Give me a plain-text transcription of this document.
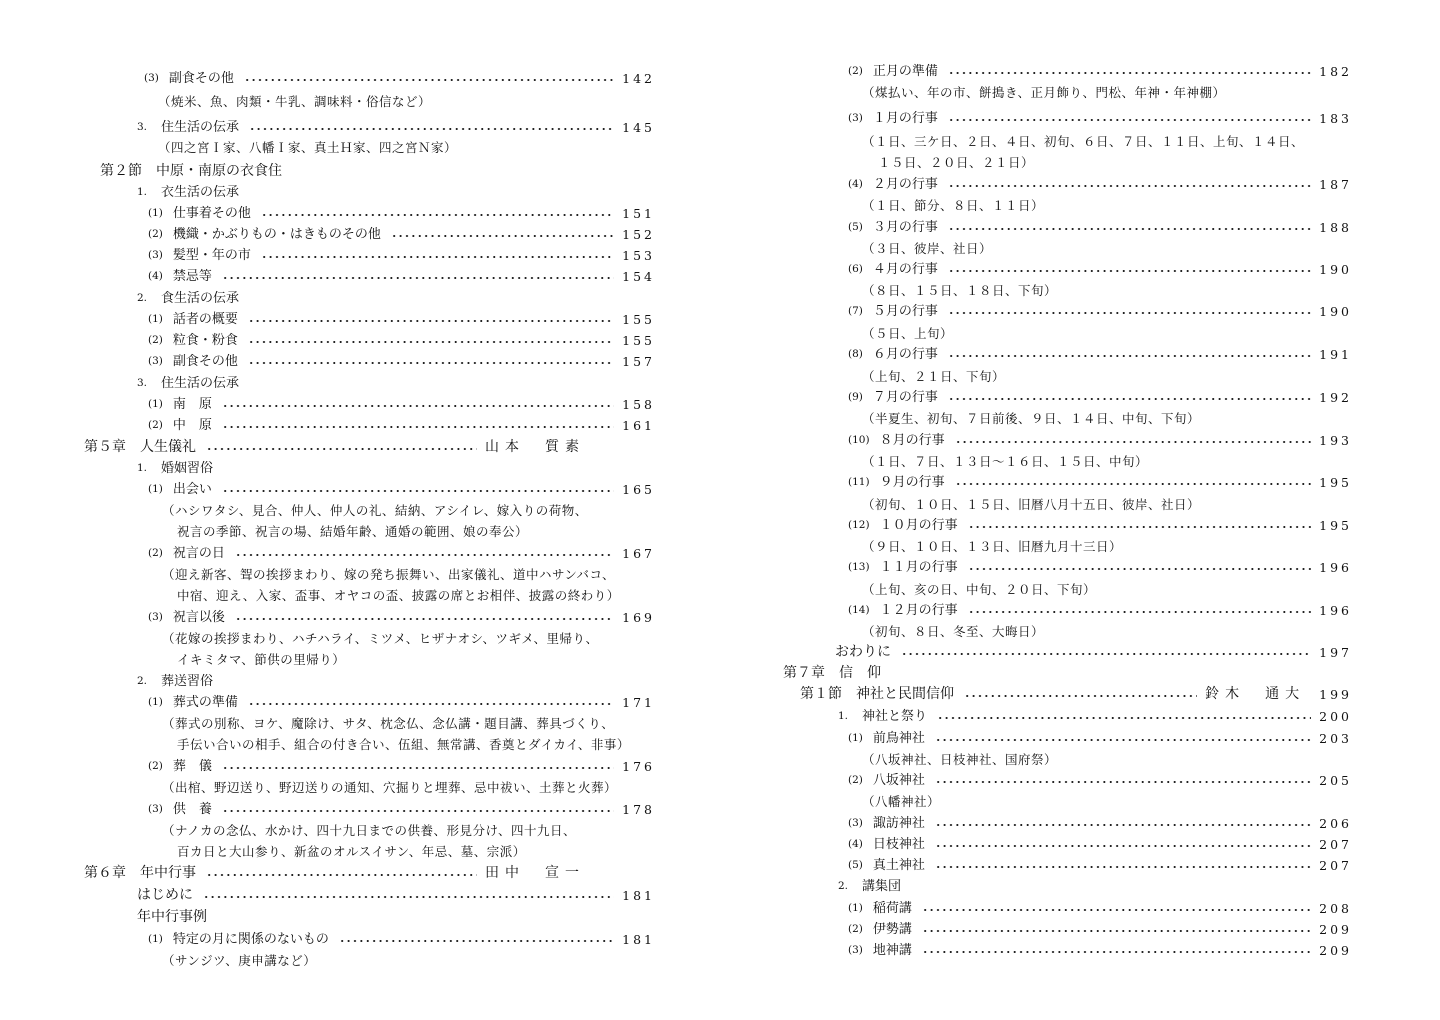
(3) 副食その他	142
（焼米、魚、肉類・牛乳、調味料・俗信など）
3. 住生活の伝承	145
（四之宮Ｉ家、八幡Ｉ家、真土Ｈ家、四之宮Ｎ家）
第２節　中原・南原の衣食住
1. 衣生活の伝承
(1) 仕事着その他	151
(2) 機織・かぶりもの・はきものその他	152
(3) 髪型・年の市	153
(4) 禁忌等	154
2. 食生活の伝承
(1) 話者の概要	155
(2) 粒食・粉食	155
(3) 副食その他	157
3. 住生活の伝承
(1) 南　原	158
(2) 中　原	161
第５章　人生儀礼	山本　質素
1. 婚姻習俗
(1) 出会い	165
（ハシワタシ、見合、仲人、仲人の礼、結納、アシイレ、嫁入りの荷物、
祝言の季節、祝言の場、結婚年齢、通婚の範囲、娘の奉公）
(2) 祝言の日	167
（迎え新客、聟の挨拶まわり、嫁の発ち振舞い、出家儀礼、道中ハサンバコ、
中宿、迎え、入家、盃事、オヤコの盃、披露の席とお相伴、披露の終わり）
(3) 祝言以後	169
（花嫁の挨拶まわり、ハチハライ、ミツメ、ヒザナオシ、ツギメ、里帰り、
イキミタマ、節供の里帰り）
2. 葬送習俗
(1) 葬式の準備	171
（葬式の別称、ヨケ、魔除け、サタ、枕念仏、念仏講・題目講、葬具づくり、
手伝い合いの相手、組合の付き合い、伍組、無常講、香奠とダイカイ、非事）
(2) 葬　儀	176
（出棺、野辺送り、野辺送りの通知、穴掘りと埋葬、忌中祓い、土葬と火葬）
(3) 供　養	178
（ナノカの念仏、水かけ、四十九日までの供養、形見分け、四十九日、
百カ日と大山参り、新盆のオルスイサン、年忌、墓、宗派）
第６章　年中行事	田中　宣一
はじめに	181
年中行事例
(1) 特定の月に関係のないもの	181
（サンジツ、庚申講など）
(2) 正月の準備	182
（煤払い、年の市、餅搗き、正月飾り、門松、年神・年神棚）
(3) １月の行事	183
（１日、三ケ日、２日、４日、初旬、６日、７日、１１日、上旬、１４日、
１５日、２０日、２１日）
(4) ２月の行事	187
（１日、節分、８日、１１日）
(5) ３月の行事	188
（３日、彼岸、社日）
(6) ４月の行事	190
（８日、１５日、１８日、下旬）
(7) ５月の行事	190
（５日、上旬）
(8) ６月の行事	191
（上旬、２１日、下旬）
(9) ７月の行事	192
（半夏生、初旬、７日前後、９日、１４日、中旬、下旬）
(10) ８月の行事	193
（１日、７日、１３日～１６日、１５日、中旬）
(11) ９月の行事	195
（初旬、１０日、１５日、旧暦八月十五日、彼岸、社日）
(12) １０月の行事	195
（９日、１０日、１３日、旧暦九月十三日）
(13) １１月の行事	196
（上旬、亥の日、中旬、２０日、下旬）
(14) １２月の行事	196
（初旬、８日、冬至、大晦日）
おわりに	197
第７章　信　仰
第１節　神社と民間信仰	鈴木　通大 199
1. 神社と祭り	200
(1) 前鳥神社	203
（八坂神社、日枝神社、国府祭）
(2) 八坂神社	205
（八幡神社）
(3) 諏訪神社	206
(4) 日枝神社	207
(5) 真土神社	207
2. 講集団
(1) 稲荷講	208
(2) 伊勢講	209
(3) 地神講	209
